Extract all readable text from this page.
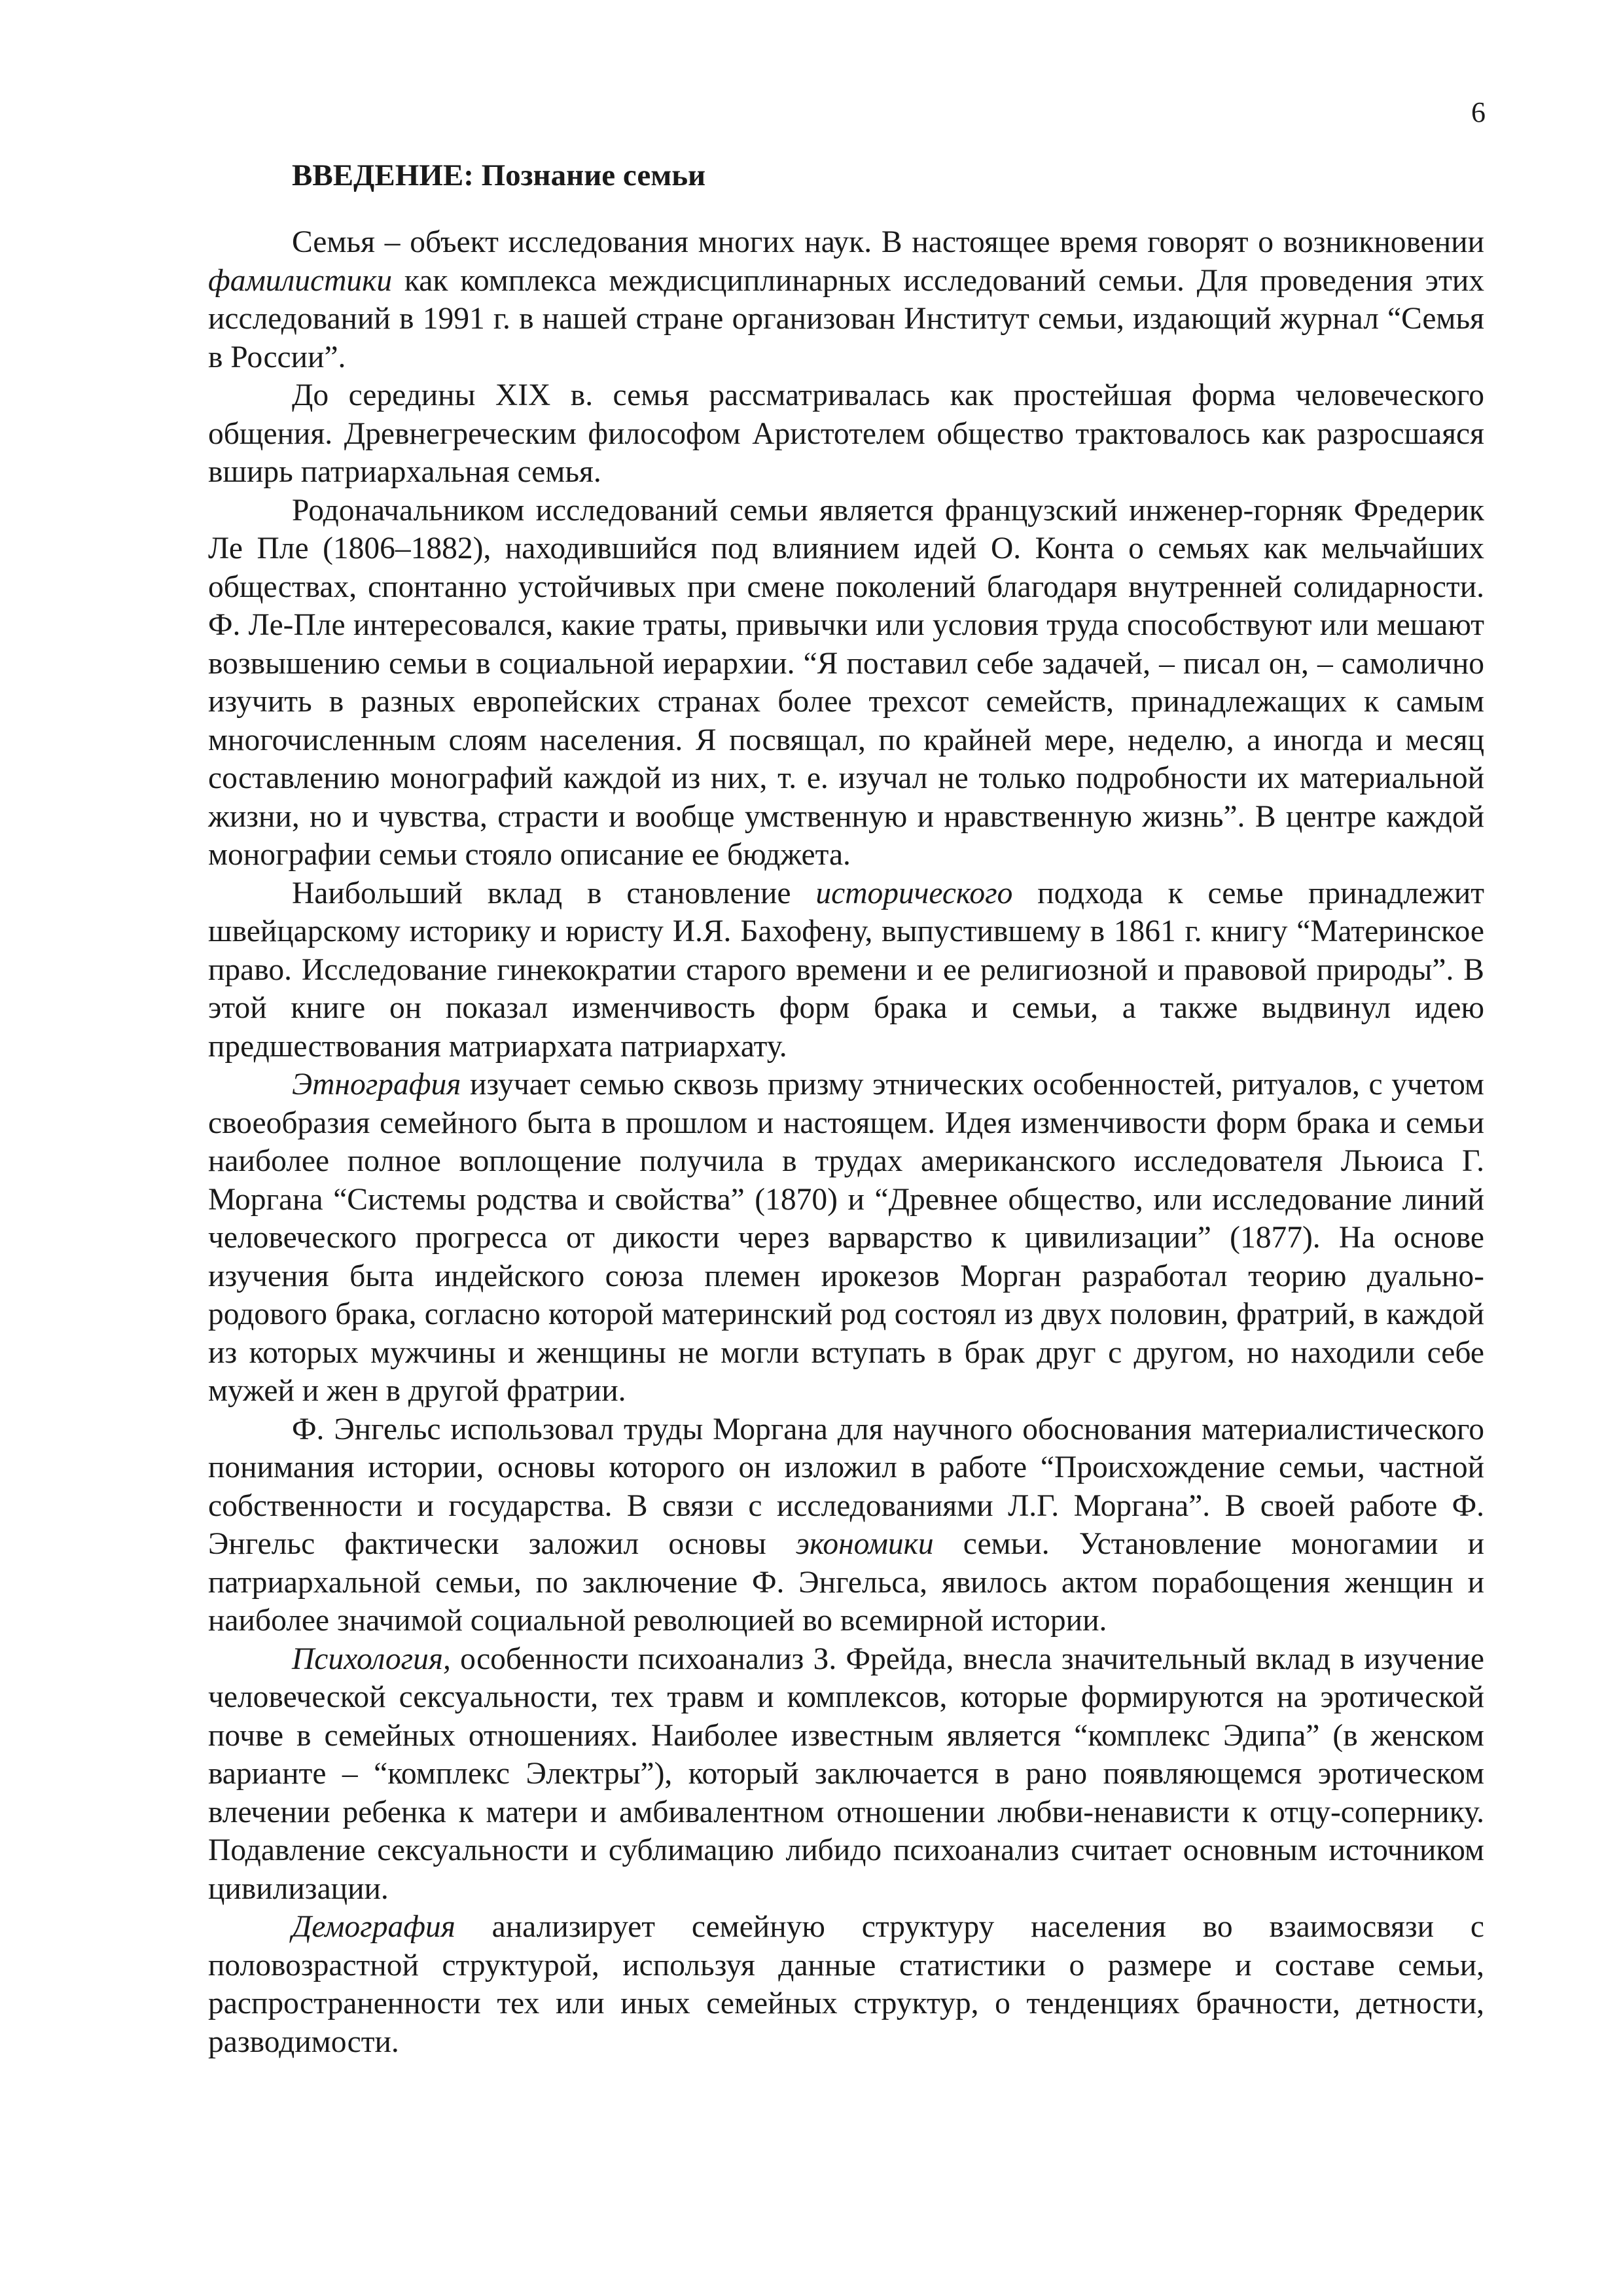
6
ВВЕДЕНИЕ: Познание семьи

Семья – объект исследования многих наук. В настоящее время говорят о возникновении фамилистики как комплекса междисциплинарных исследований семьи. Для проведения этих исследований в 1991 г. в нашей стране организован Институт семьи, издающий журнал “Семья в России”.

До середины XIX в. семья рассматривалась как простейшая форма человеческого общения. Древнегреческим философом Аристотелем общество трактовалось как разросшаяся вширь патриархальная семья.

Родоначальником исследований семьи является французский инженер-горняк Фредерик Ле Пле (1806–1882), находившийся под влиянием идей О. Конта о семьях как мельчайших обществах, спонтанно устойчивых при смене поколений благодаря внутренней солидарности. Ф. Ле-Пле интересовался, какие траты, привычки или условия труда способствуют или мешают возвышению семьи в социальной иерархии. “Я поставил себе задачей, – писал он, – самолично изучить в разных европейских странах более трехсот семейств, принадлежащих к самым многочисленным слоям населения. Я посвящал, по крайней мере, неделю, а иногда и месяц составлению монографий каждой из них, т. е. изучал не только подробности их материальной жизни, но и чувства, страсти и вообще умственную и нравственную жизнь”. В центре каждой монографии семьи стояло описание ее бюджета.

Наибольший вклад в становление исторического подхода к семье принадлежит швейцарскому историку и юристу И.Я. Бахофену, выпустившему в 1861 г. книгу “Материнское право. Исследование гинекократии старого времени и ее религиозной и правовой природы”. В этой книге он показал изменчивость форм брака и семьи, а также выдвинул идею предшествования матриархата патриархату.

Этнография изучает семью сквозь призму этнических особенностей, ритуалов, с учетом своеобразия семейного быта в прошлом и настоящем. Идея изменчивости форм брака и семьи наиболее полное воплощение получила в трудах американского исследователя Льюиса Г. Моргана “Системы родства и свойства” (1870) и “Древнее общество, или исследование линий человеческого прогресса от дикости через варварство к цивилизации” (1877). На основе изучения быта индейского союза племен ирокезов Морган разработал теорию дуально-родового брака, согласно которой материнский род состоял из двух половин, фратрий, в каждой из которых мужчины и женщины не могли вступать в брак друг с другом, но находили себе мужей и жен в другой фратрии.

Ф. Энгельс использовал труды Моргана для научного обоснования материалистического понимания истории, основы которого он изложил в работе “Происхождение семьи, частной собственности и государства. В связи с исследованиями Л.Г. Моргана”. В своей работе Ф. Энгельс фактически заложил основы экономики семьи. Установление моногамии и патриархальной семьи, по заключение Ф. Энгельса, явилось актом порабощения женщин и наиболее значимой социальной революцией во всемирной истории.

Психология, особенности психоанализ З. Фрейда, внесла значительный вклад в изучение человеческой сексуальности, тех травм и комплексов, которые формируются на эротической почве в семейных отношениях. Наиболее известным является “комплекс Эдипа” (в женском варианте – “комплекс Электры”), который заключается в рано появляющемся эротическом влечении ребенка к матери и амбивалентном отношении любви-ненависти к отцу-сопернику. Подавление сексуальности и сублимацию либидо психоанализ считает основным источником цивилизации.

Демография анализирует семейную структуру населения во взаимосвязи с половозрастной структурой, используя данные статистики о размере и составе семьи, распространенности тех или иных семейных структур, о тенденциях брачности, детности, разводимости.
